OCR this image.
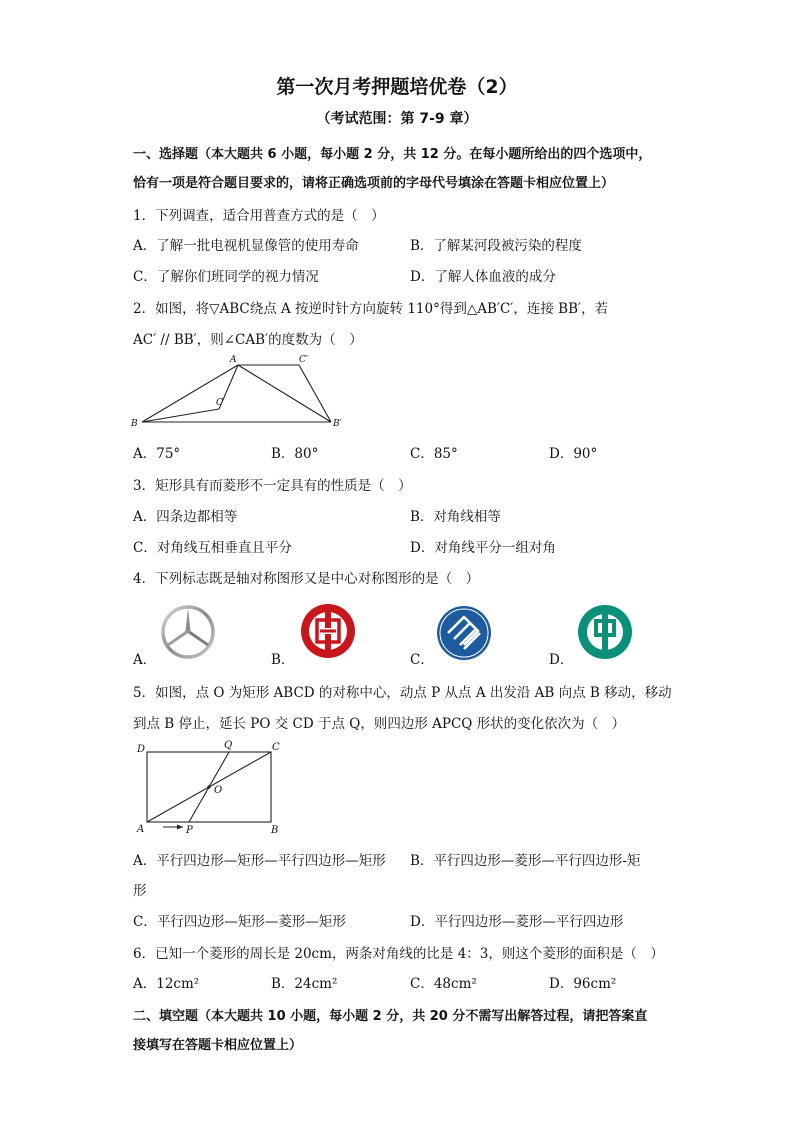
第一次月考押题培优卷（2）
（考试范围：第 7-9 章）
一、选择题（本大题共 6 小题，每小题 2 分，共 12 分。在每小题所给出的四个选项中，
恰有一项是符合题目要求的，请将正确选项前的字母代号填涂在答题卡相应位置上）
1．下列调查，适合用普查方式的是（　）
A．了解一批电视机显像管的使用寿命	B．了解某河段被污染的程度
C．了解你们班同学的视力情况	D．了解人体血液的成分
2．如图，将▽ABC绕点 A 按逆时针方向旋转 110°得到△AB′C′，连接 BB′，若
AC′ // BB′，则∠CAB′的度数为（　）
A
B
C
C′
B′
A．75°	B．80°	C．85°	D．90°
3．矩形具有而菱形不一定具有的性质是（　）
A．四条边都相等	B．对角线相等
C．对角线互相垂直且平分	D．对角线平分一组对角
4．下列标志既是轴对称图形又是中心对称图形的是（　）
A．	B．	C．	D．
5．如图，点 O 为矩形 ABCD 的对称中心，动点 P 从点 A 出发沿 AB 向点 B 移动，移动
到点 B 停止，延长 PO 交 CD 于点 Q，则四边形 APCQ 形状的变化依次为（　）
D	Q	C
O
A	P	B
A．平行四边形—矩形—平行四边形—矩形 B．平行四边形—菱形—平行四边形-矩
形
C．平行四边形—矩形—菱形—矩形	D．平行四边形—菱形—平行四边形
6．已知一个菱形的周长是 20cm，两条对角线的比是 4：3，则这个菱形的面积是（　）
A．12cm²	B．24cm²	C．48cm²	D．96cm²
二、填空题（本大题共 10 小题，每小题 2 分，共 20 分不需写出解答过程，请把答案直
接填写在答题卡相应位置上）
